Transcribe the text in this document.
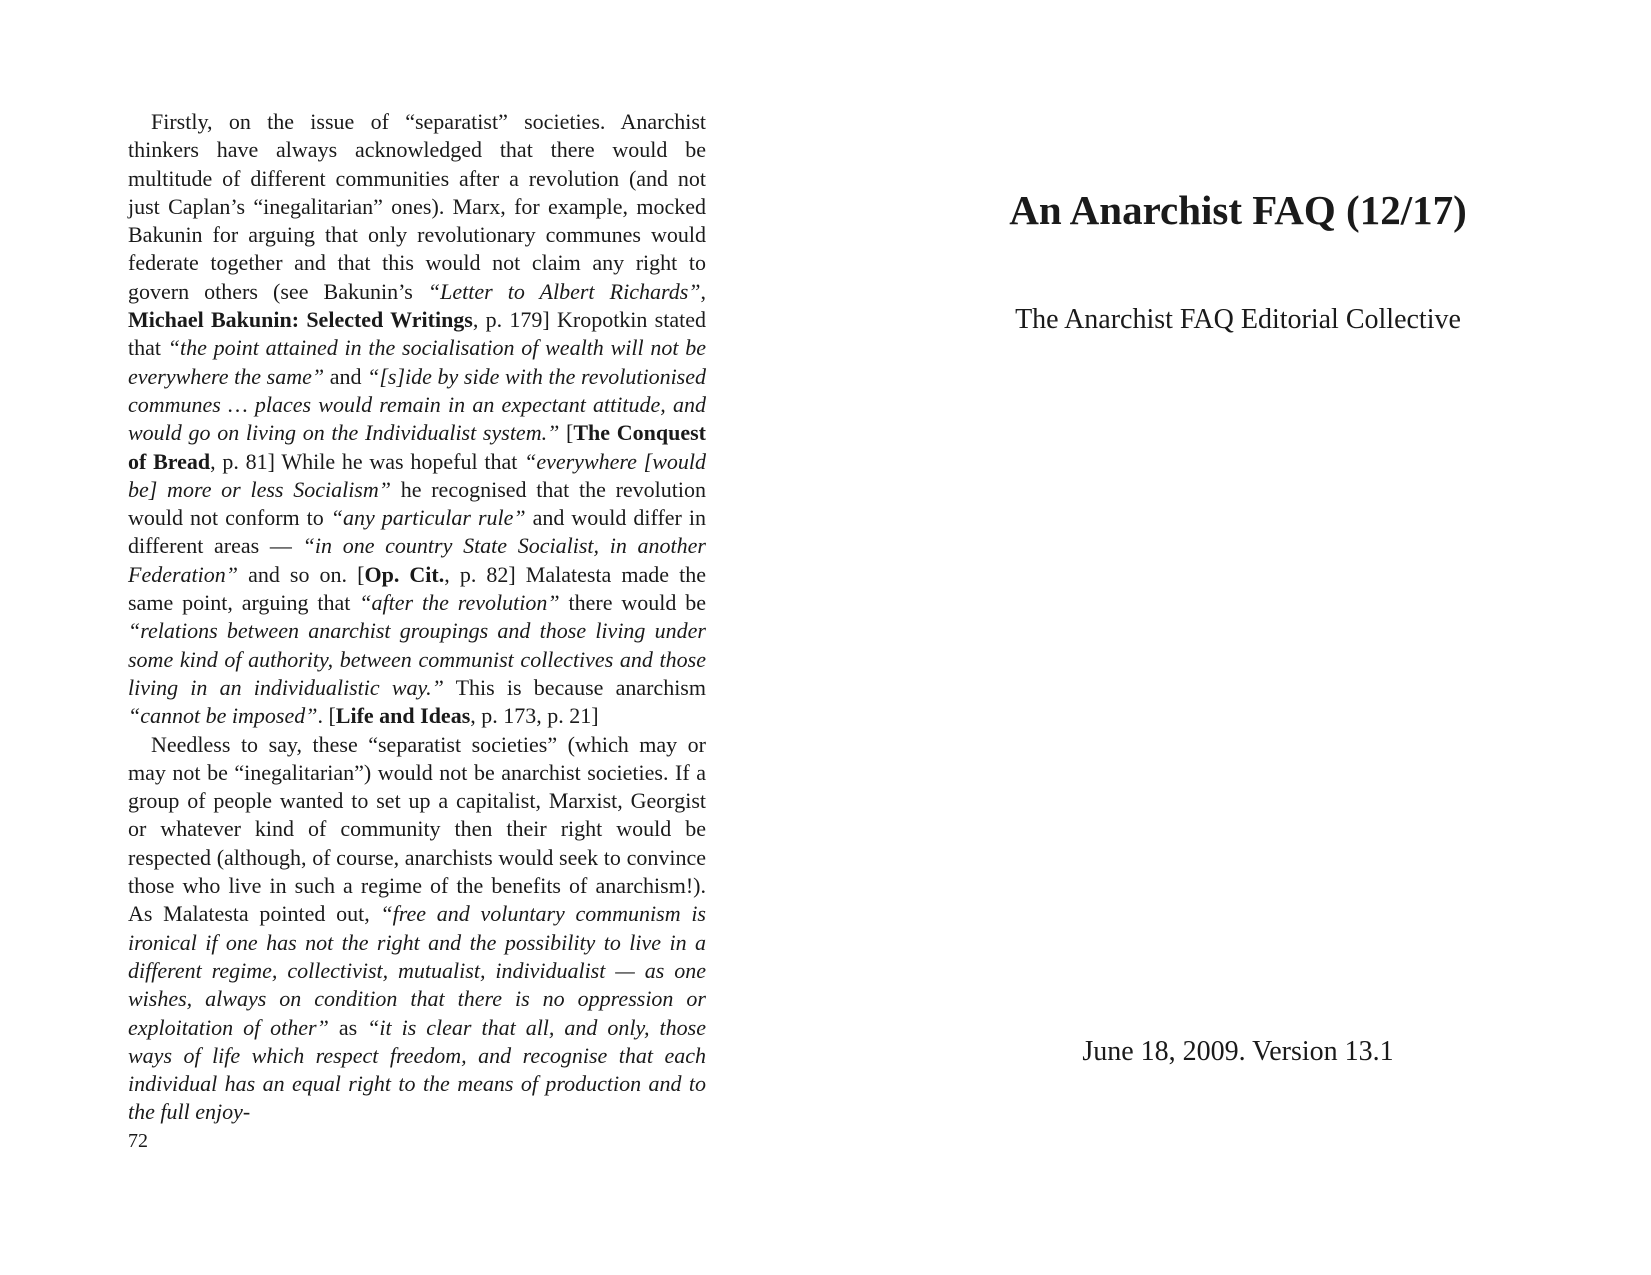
Firstly, on the issue of “separatist” societies. Anarchist thinkers have always acknowledged that there would be multitude of different communities after a revolution (and not just Caplan’s “inegalitarian” ones). Marx, for example, mocked Bakunin for arguing that only revolutionary communes would federate together and that this would not claim any right to govern others (see Bakunin’s “Letter to Albert Richards”, Michael Bakunin: Selected Writings, p. 179] Kropotkin stated that “the point attained in the socialisation of wealth will not be everywhere the same” and “[s]ide by side with the revolutionised communes … places would remain in an expectant attitude, and would go on living on the Individualist system.” [The Conquest of Bread, p. 81] While he was hopeful that “everywhere [would be] more or less Socialism” he recognised that the revolution would not conform to “any particular rule” and would differ in different areas — “in one country State Socialist, in another Federation” and so on. [Op. Cit., p. 82] Malatesta made the same point, arguing that “after the revolution” there would be “relations between anarchist groupings and those living under some kind of authority, between communist collectives and those living in an individualistic way.” This is because anarchism “cannot be imposed”. [Life and Ideas, p. 173, p. 21]

Needless to say, these “separatist societies” (which may or may not be “inegalitarian”) would not be anarchist societies. If a group of people wanted to set up a capitalist, Marxist, Georgist or whatever kind of community then their right would be respected (although, of course, anarchists would seek to convince those who live in such a regime of the benefits of anarchism!). As Malatesta pointed out, “free and voluntary communism is ironical if one has not the right and the possibility to live in a different regime, collectivist, mutualist, individualist — as one wishes, always on condition that there is no oppression or exploitation of other” as “it is clear that all, and only, those ways of life which respect freedom, and recognise that each individual has an equal right to the means of production and to the full enjoy-

72
An Anarchist FAQ (12/17)
The Anarchist FAQ Editorial Collective
June 18, 2009. Version 13.1
